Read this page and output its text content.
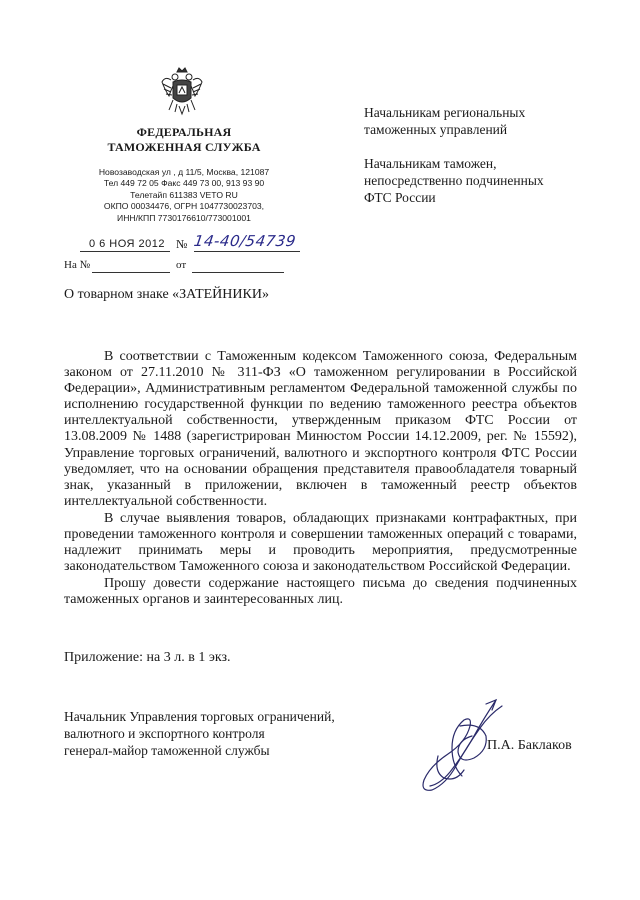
ФЕДЕРАЛЬНАЯ
ТАМОЖЕННАЯ СЛУЖБА
Новозаводская ул , д 11/5, Москва, 121087
Тел 449 72 05 Факс 449 73 00, 913 93 90
Телетайп 611383 VETO RU
ОКПО 00034476, ОГРН 1047730023703,
ИНН/КПП 7730176610/773001001
0 6 НОЯ 2012 № 14-40/54739
На №	от
О товарном знаке «ЗАТЕЙНИКИ»
Начальникам региональных
таможенных управлений
Начальникам таможен,
непосредственно подчиненных
ФТС России

В соответствии с Таможенным кодексом Таможенного союза, Федеральным законом от 27.11.2010 № 311-ФЗ «О таможенном регулировании в Российской Федерации», Административным регламентом Федеральной таможенной службы по исполнению государственной функции по ведению таможенного реестра объектов интеллектуальной собственности, утвержденным приказом ФТС России от 13.08.2009 № 1488 (зарегистрирован Минюстом России 14.12.2009, рег. № 15592), Управление торговых ограничений, валютного и экспортного контроля ФТС России уведомляет, что на основании обращения представителя правообладателя товарный знак, указанный в приложении, включен в таможенный реестр объектов интеллектуальной собственности.

В случае выявления товаров, обладающих признаками контрафактных, при проведении таможенного контроля и совершении таможенных операций с товарами, надлежит принимать меры и проводить мероприятия, предусмотренные законодательством Таможенного союза и законодательством Российской Федерации.

Прошу довести содержание настоящего письма до сведения подчиненных таможенных органов и заинтересованных лиц.

Приложение: на 3 л. в 1 экз.
Начальник Управления торговых ограничений,
валютного и экспортного контроля
генерал-майор таможенной службы	П.А. Баклаков
